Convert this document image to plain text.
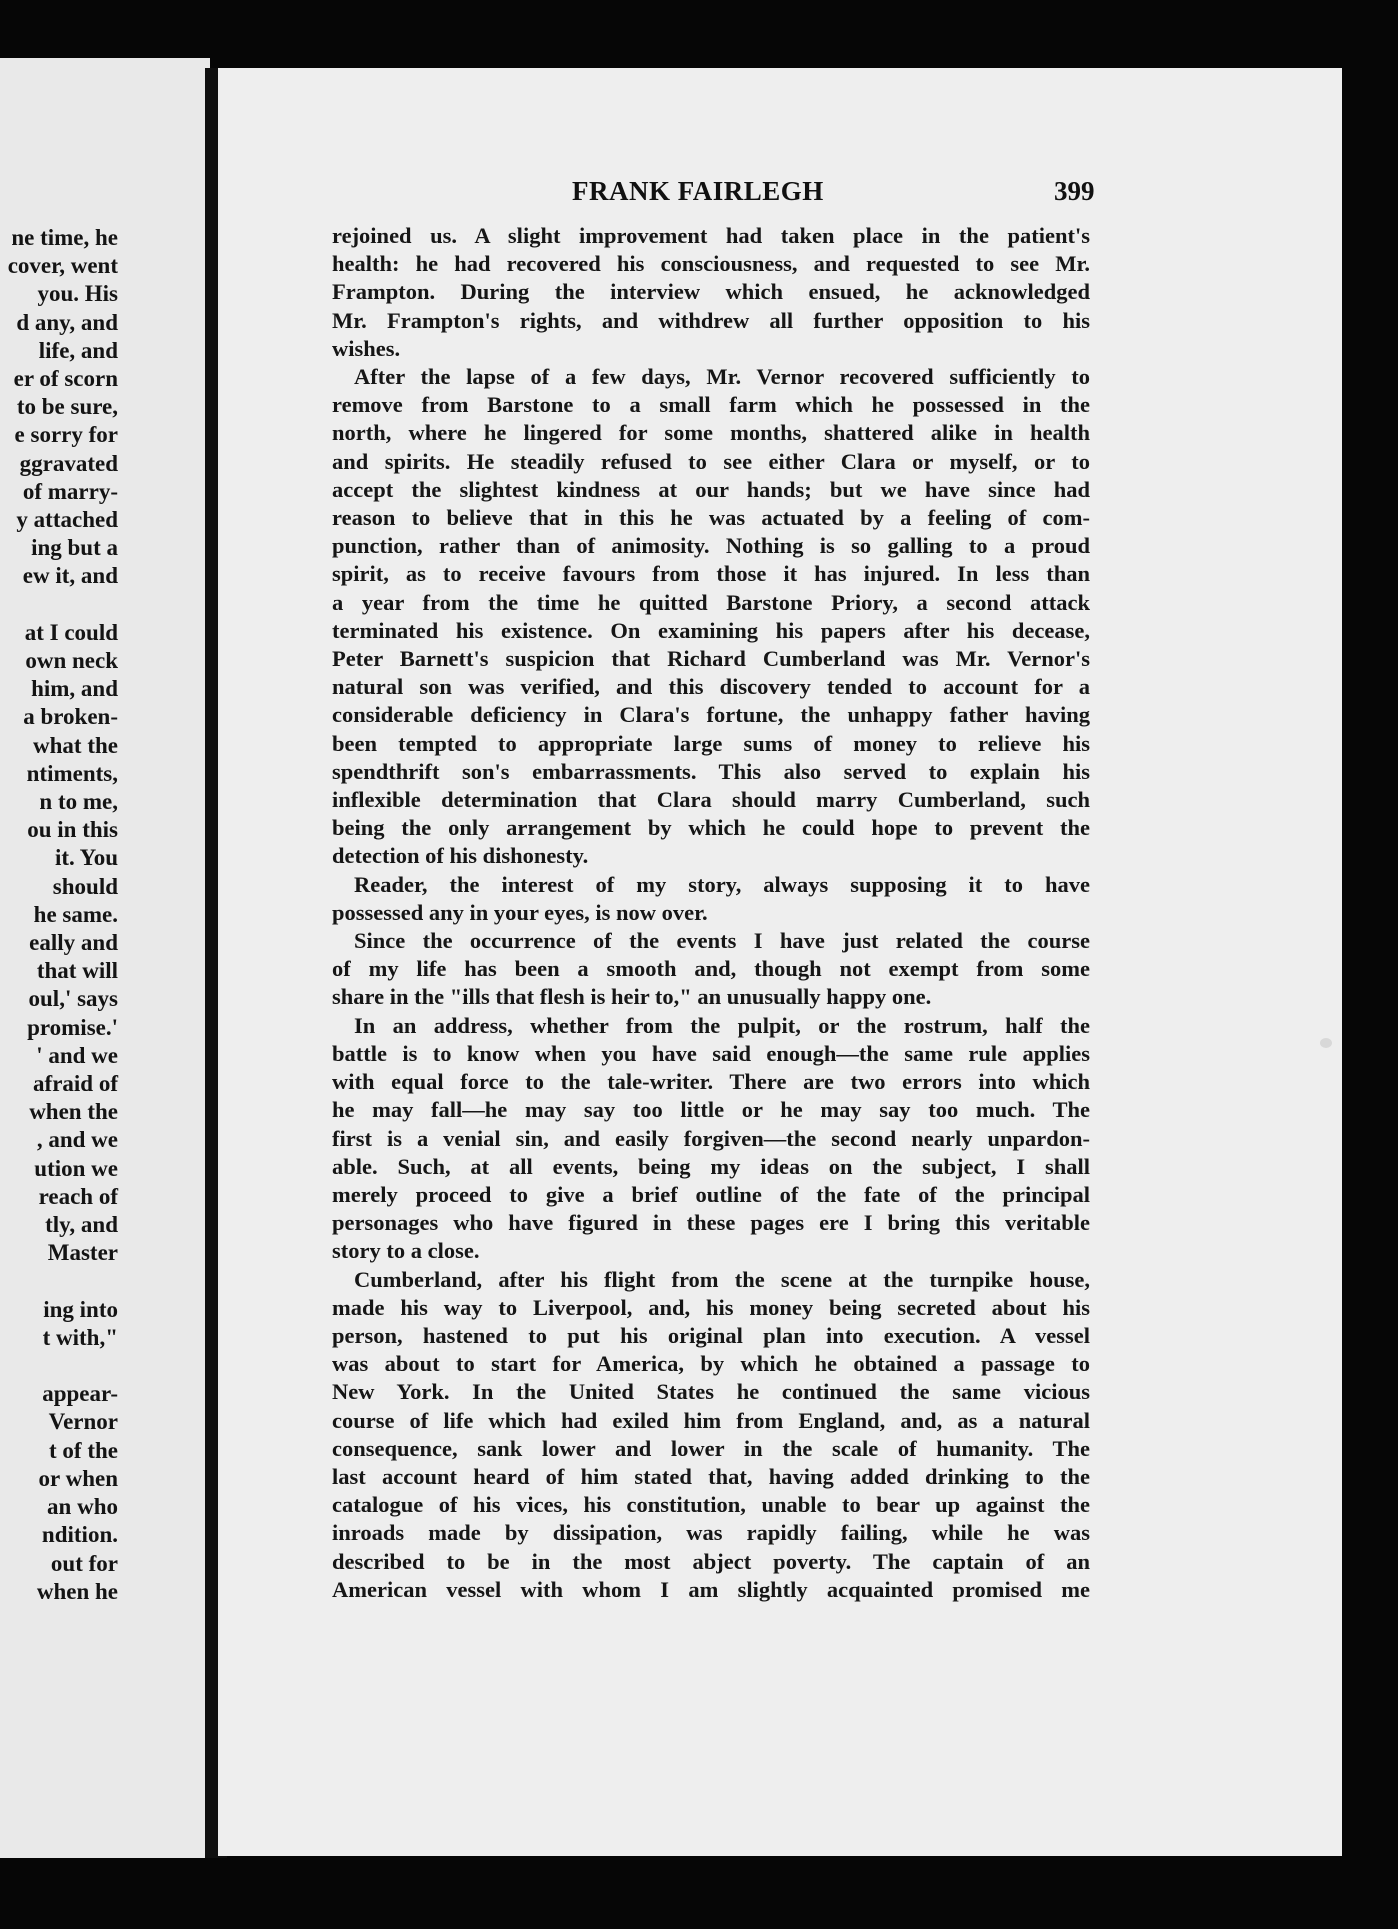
ne time, he
cover, went
you. His
d any, and
life, and
er of scorn
to be sure,
e sorry for
ggravated
of marry-
y attached
ing but a
ew it, and
at I could
own neck
him, and
a broken-
what the
ntiments,
n to me,
ou in this
it. You
should
he same.
eally and
that will
oul,' says
promise.'
' and we
afraid of
when the
, and we
ution we
reach of
tly, and
Master
ing into
t with,"
appear-
Vernor
t of the
or when
an who
ndition.
out for
when he
FRANK FAIRLEGH	399
rejoined us. A slight improvement had taken place in the patient's
health: he had recovered his consciousness, and requested to see Mr.
Frampton. During the interview which ensued, he acknowledged
Mr. Frampton's rights, and withdrew all further opposition to his
wishes.
After the lapse of a few days, Mr. Vernor recovered sufficiently to
remove from Barstone to a small farm which he possessed in the
north, where he lingered for some months, shattered alike in health
and spirits. He steadily refused to see either Clara or myself, or to
accept the slightest kindness at our hands; but we have since had
reason to believe that in this he was actuated by a feeling of com-
punction, rather than of animosity. Nothing is so galling to a proud
spirit, as to receive favours from those it has injured. In less than
a year from the time he quitted Barstone Priory, a second attack
terminated his existence. On examining his papers after his decease,
Peter Barnett's suspicion that Richard Cumberland was Mr. Vernor's
natural son was verified, and this discovery tended to account for a
considerable deficiency in Clara's fortune, the unhappy father having
been tempted to appropriate large sums of money to relieve his
spendthrift son's embarrassments. This also served to explain his
inflexible determination that Clara should marry Cumberland, such
being the only arrangement by which he could hope to prevent the
detection of his dishonesty.
Reader, the interest of my story, always supposing it to have
possessed any in your eyes, is now over.
Since the occurrence of the events I have just related the course
of my life has been a smooth and, though not exempt from some
share in the "ills that flesh is heir to," an unusually happy one.
In an address, whether from the pulpit, or the rostrum, half the
battle is to know when you have said enough—the same rule applies
with equal force to the tale-writer. There are two errors into which
he may fall—he may say too little or he may say too much. The
first is a venial sin, and easily forgiven—the second nearly unpardon-
able. Such, at all events, being my ideas on the subject, I shall
merely proceed to give a brief outline of the fate of the principal
personages who have figured in these pages ere I bring this veritable
story to a close.
Cumberland, after his flight from the scene at the turnpike house,
made his way to Liverpool, and, his money being secreted about his
person, hastened to put his original plan into execution. A vessel
was about to start for America, by which he obtained a passage to
New York. In the United States he continued the same vicious
course of life which had exiled him from England, and, as a natural
consequence, sank lower and lower in the scale of humanity. The
last account heard of him stated that, having added drinking to the
catalogue of his vices, his constitution, unable to bear up against the
inroads made by dissipation, was rapidly failing, while he was
described to be in the most abject poverty. The captain of an
American vessel with whom I am slightly acquainted promised me
